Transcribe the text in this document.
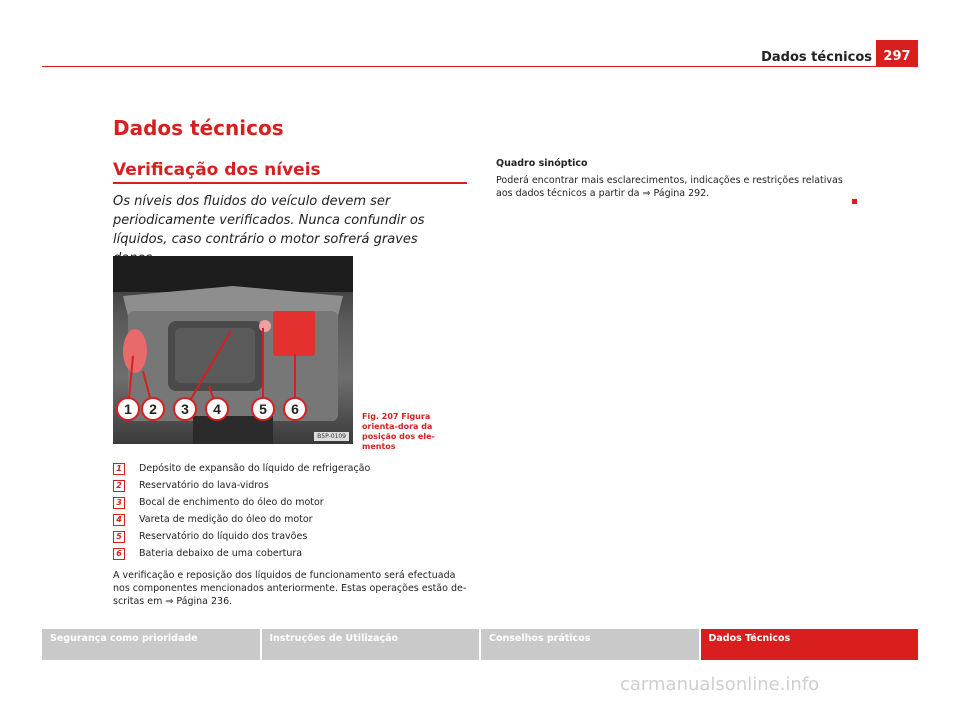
Dados técnicos 297
Dados técnicos
Verificação dos níveis
Os níveis dos fluidos do veículo devem ser periodicamente verificados. Nunca confundir os líquidos, caso contrário o motor sofrerá graves
1 2 3 4	5 6
B5P-0109
Fig. 207 Figura orienta-dora da posição dos ele-mentos
1	Depósito de expansão do líquido de refrigeração
2	Reservatório do lava-vidros
3	Bocal de enchimento do óleo do motor
4	Vareta de medição do óleo do motor
5	Reservatório do líquido dos travões
6	Bateria debaixo de uma cobertura
A verificação e reposição dos líquidos de funcionamento será efectuada nos componentes mencionados anteriormente. Estas operações estão de-scritas em ⇒ Página 236.
Quadro sinóptico
Poderá encontrar mais esclarecimentos, indicações e restrições relativas aos dados técnicos a partir da ⇒ Página 292.
Segurança como prioridade	Instruções de Utilização	Conselhos práticos	Dados Técnicos
carmanualsonline.info
